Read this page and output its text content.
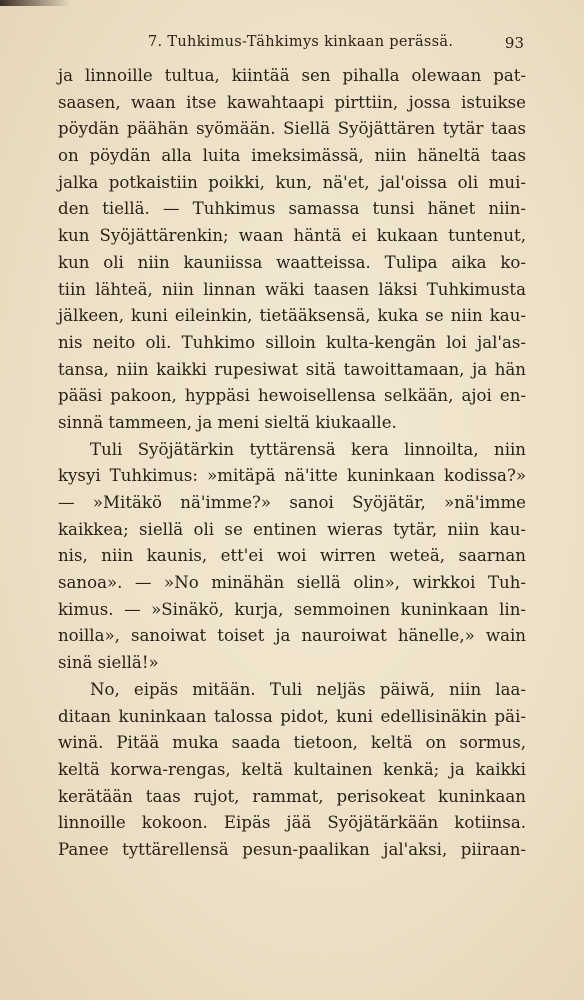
7. Tuhkimus-Tähkimys kinkaan perässä.	93
ja linnoille tultua, kiintää sen pihalla olewaan pat-
saasen, waan itse kawahtaapi pirttiin, jossa istuikse
pöydän päähän syömään. Siellä Syöjättären tytär taas
on pöydän alla luita imeksimässä, niin häneltä taas
jalka potkaistiin poikki, kun, nä'et, jal'oissa oli mui-
den tiellä. — Tuhkimus samassa tunsi hänet niin-
kun Syöjättärenkin; waan häntä ei kukaan tuntenut,
kun oli niin kauniissa waatteissa. Tulipa aika ko-
tiin lähteä, niin linnan wäki taasen läksi Tuhkimusta
jälkeen, kuni eileinkin, tietääksensä, kuka se niin kau-
nis neito oli. Tuhkimo silloin kulta-kengän loi jal'as-
tansa, niin kaikki rupesiwat sitä tawoittamaan, ja hän
pääsi pakoon, hyppäsi hewoisellensa selkään, ajoi en-
sinnä tammeen, ja meni sieltä kiukaalle.
Tuli Syöjätärkin tyttärensä kera linnoilta, niin
kysyi Tuhkimus: »mitäpä nä'itte kuninkaan kodissa?»
— »Mitäkö nä'imme?» sanoi Syöjätär, »nä'imme
kaikkea; siellä oli se entinen wieras tytär, niin kau-
nis, niin kaunis, ett'ei woi wirren weteä, saarnan
sanoa». — »No minähän siellä olin», wirkkoi Tuh-
kimus. — »Sinäkö, kurja, semmoinen kuninkaan lin-
noilla», sanoiwat toiset ja nauroiwat hänelle,» wain
sinä siellä!»
No, eipäs mitään. Tuli neljäs päiwä, niin laa-
ditaan kuninkaan talossa pidot, kuni edellisinäkin päi-
winä. Pitää muka saada tietoon, keltä on sormus,
keltä korwa-rengas, keltä kultainen kenkä; ja kaikki
kerätään taas rujot, rammat, perisokeat kuninkaan
linnoille kokoon. Eipäs jää Syöjätärkään kotiinsa.
Panee tyttärellensä pesun-paalikan jal'aksi, piiraan-
